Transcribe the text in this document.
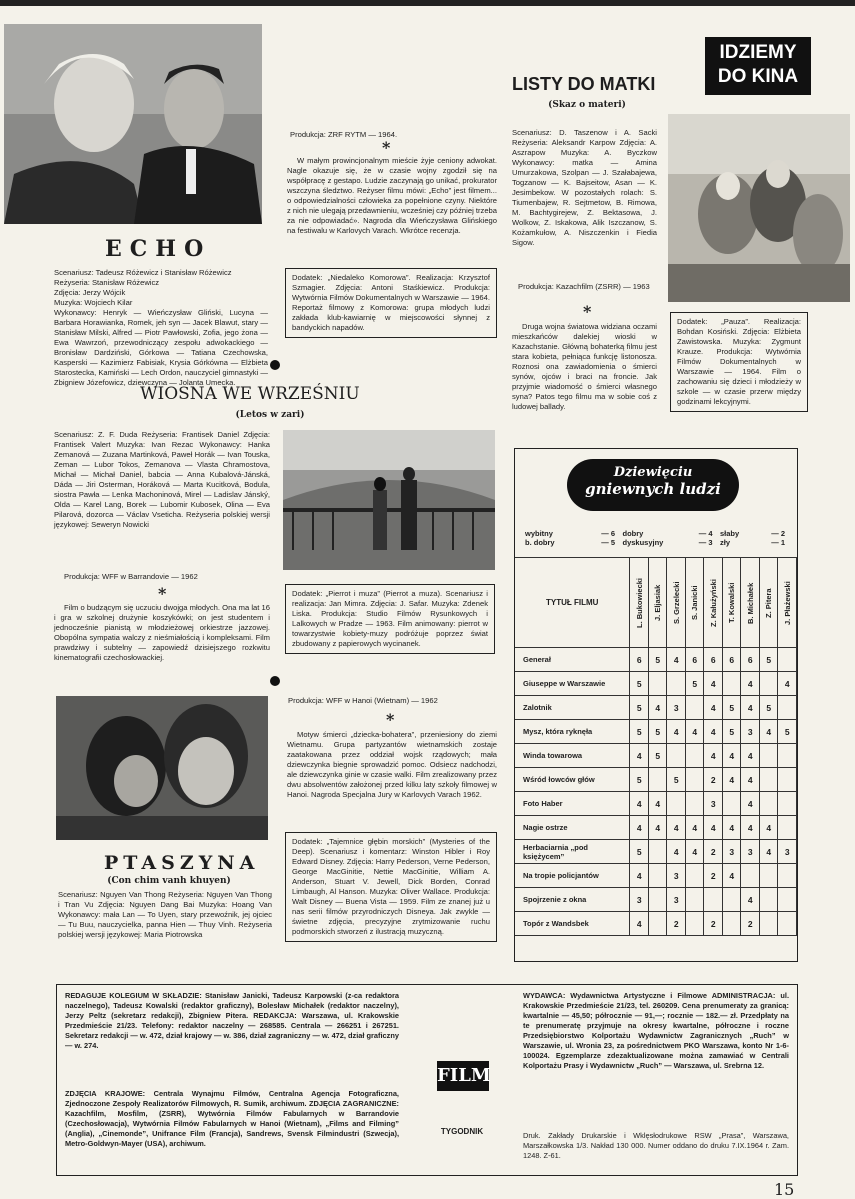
ECHO

Scenariusz: Tadeusz Różewicz i Stanisław Różewicz

Reżyseria: Stanisław Różewicz

Zdjęcia: Jerzy Wójcik

Muzyka: Wojciech Kilar

Wykonawcy: Henryk — Wieńczysław Gliński, Lucyna — Barbara Horawianka, Romek, jeh syn — Jacek Blawut, stary — Stanisław Milski, Alfred — Piotr Pawłowski, Zofia, jego żona — Ewa Wawrzoń, przewodniczący zespołu adwokackiego — Bronisław Dardziński, Górkowa — Tatiana Czechowska, Kasperski — Kazimierz Fabisiak, Krysia Górkówna — Elżbieta Starostecka, Kamiński — Lech Ordon, nauczyciel gimnastyki — Zbigniew Józefowicz, dziewczyna — Jolanta Umecka.

Produkcja: ZRF RYTM — 1964.
*
W małym prowincjonalnym mieście żyje ceniony adwokat. Nagle okazuje się, że w czasie wojny zgodził się na współpracę z gestapo. Ludzie zaczynają go unikać, prokurator wszczyna śledztwo. Reżyser filmu mówi: „Echo” jest filmem... o odpowiedzialności człowieka za popełnione czyny. Niektóre z nich nie ulegają przedawnieniu, wcześniej czy później trzeba za nie odpowiadać». Nagroda dla Wieńczysława Glińskiego na festiwalu w Karlovych Varach. Wkrótce recenzja.
Dodatek: „Niedaleko Komorowa”. Realizacja: Krzysztof Szmagier. Zdjęcia: Antoni Staśkiewicz. Produkcja: Wytwórnia Filmów Dokumentalnych w Warszawie — 1964. Reportaż filmowy z Komorowa: grupa młodych ludzi zakłada klub-kawiarnię w miejscowości słynnej z bandyckich napadów.
LISTY DO MATKI
(Skaz o materi)
Scenariusz: D. Taszenow i A. Sacki Reżyseria: Aleksandr Karpow Zdjęcia: A. Aszrapow Muzyka: A. Byczkow Wykonawcy: matka — Amina Umurzakowa, Szolpan — J. Szałabajewa, Togzanow — K. Bajseitow, Asan — K. Jesimbekow. W pozostałych rolach: S. Tiumenbajew, R. Sejtmetow, B. Rimowa, M. Bachtygirejew, Z. Bektasowa, J. Wolkow, Z. Iskakowa, Alik Iszczanow, S. Kożamkułow, A. Niszczenkin i Fiedia Sigow.
Produkcja: Kazachfilm (ZSRR) — 1963
*
Druga wojna światowa widziana oczami mieszkańców dalekiej wioski w Kazachstanie. Główną bohaterką filmu jest stara kobieta, pełniąca funkcję listonosza. Roznosi ona zawiadomienia o śmierci synów, ojców i braci na froncie. Jak przyjmie wiadomość o śmierci własnego syna? Patos tego filmu ma w sobie coś z ludowej ballady.
IDZIEMY
DO KINA
Dodatek: „Pauza”. Realizacja: Bohdan Kosiński. Zdjęcia: Elżbieta Zawistowska. Muzyka: Zygmunt Krauze. Produkcja: Wytwórnia Filmów Dokumentalnych w Warszawie — 1964. Film o zachowaniu się dzieci i młodzieży w szkole — w czasie przerw między godzinami lekcyjnymi.
WIOSNA WE WRZEŚNIU
(Letos w zari)
Scenariusz: Z. F. Duda Reżyseria: Frantisek Daniel Zdjęcia: Frantisek Valert Muzyka: Ivan Rezac Wykonawcy: Hanka Zemanová — Zuzana Martinková, Paweł Horák — Ivan Touska, Zeman — Lubor Tokos, Zemanova — Vlasta Chramostova, Michał — Michał Daniel, babcia — Anna Kubalová-Jánská, Dáda — Jiri Osterman, Horáková — Marta Kucitková, Bodula, siostra Pawła — Lenka Machoninová, Mirel — Ladislav Jánský, Olda — Karel Lang, Borek — Lubomir Kubosek, Olina — Eva Pilarová, dozorca — Václav Vseticha. Reżyseria polskiej wersji językowej: Seweryn Nowicki
Produkcja: WFF w Barrandovie — 1962
*
Film o budzącym się uczuciu dwojga młodych. Ona ma lat 16 i gra w szkolnej drużynie koszykówki; on jest studentem i jednocześnie pianistą w młodzieżowej orkiestrze jazzowej. Obopólna sympatia walczy z nieśmiałością i kompleksami. Film prawdziwy i subtelny — zapowiedź dzisiejszego rozkwitu kinematografii czechosłowackiej.
Dodatek: „Pierrot i muza” (Pierrot a muza). Scenariusz i realizacja: Jan Mimra. Zdjęcia: J. Safar. Muzyka: Zdenek Liska. Produkcja: Studio Filmów Rysunkowych i Lalkowych w Pradze — 1963. Film animowany: pierrot w towarzystwie kobiety-muzy podróżuje poprzez świat zbudowany z papierowych wycinanek.
PTASZYNA
(Con chim vanh khuyen)
Scenariusz: Nguyen Van Thong Reżyseria: Nguyen Van Thong i Tran Vu Zdjęcia: Nguyen Dang Bai Muzyka: Hoang Van Wykonawcy: mała Lan — To Uyen, stary przewoźnik, jej ojciec — Tu Buu, nauczycielka, panna Hien — Thuy Vinh. Reżyseria polskiej wersji językowej: Maria Piotrowska
Produkcja: WFF w Hanoi (Wietnam) — 1962
*
Motyw śmierci „dziecka-bohatera”, przeniesiony do ziemi Wietnamu. Grupa partyzantów wietnamskich zostaje zaatakowana przez oddział wojsk rządowych; mała dziewczynka biegnie sprowadzić pomoc. Odsiecz nadchodzi, ale dziewczynka ginie w czasie walki. Film zrealizowany przez dwu absolwentów założonej przed kilku laty szkoły filmowej w Hanoi. Nagroda Specjalna Jury w Karlovych Varach 1962.
Dodatek: „Tajemnice głębin morskich” (Mysteries of the Deep). Scenariusz i komentarz: Winston Hibler i Roy Edward Disney. Zdjęcia: Harry Pederson, Verne Pederson, George MacGinitie, Nettie MacGinitie, William A. Anderson, Stuart V. Jewell, Dick Borden, Conrad Limbaugh, Al Hanson. Muzyka: Oliver Wallace. Produkcja: Walt Disney — Buena Vista — 1959. Film ze znanej już u nas serii filmów przyrodniczych Disneya. Jak zwykle — świetne zdjęcia, precyzyjne zrytmizowanie ruchu podmorskich stworzeń z ilustracją muzyczną.
Dziewięciu
gniewnych ludzi
wybitny	— 6 dobry	— 4 słaby	— 2
b. dobry	— 5 dyskusyjny	— 3 zły	— 1
TYTUŁ FILMU	L. Bukowiecki	J. Eljasiak	S. Grzelecki	S. Janicki	Z. Kałużyński	T. Kowalski	B. Michałek	Z. Pitera	J. Płażewski

Generał	6	5	4	6	6	6	6	5	
Giuseppe w Warszawie	5			5	4		4		4
Zalotnik	5	4	3		4	5	4	5	
Mysz, która ryknęła	5	5	4	4	4	5	3	4	5
Winda towarowa	4	5			4	4	4		
Wśród łowców głów	5		5		2	4	4		
Foto Haber	4	4			3		4		
Nagie ostrze	4	4	4	4	4	4	4	4	
Herbaciarnia „pod księżycem”	5		4	4	2	3	3	4	3
Na tropie policjantów	4		3		2	4			
Spojrzenie z okna	3		3				4		
Topór z Wandsbek	4		2		2		2		
REDAGUJE KOLEGIUM W SKŁADZIE: Stanisław Janicki, Tadeusz Karpowski (z-ca redaktora naczelnego), Tadeusz Kowalski (redaktor graficzny), Bolesław Michałek (redaktor naczelny), Jerzy Peltz (sekretarz redakcji), Zbigniew Pitera. REDAKCJA: Warszawa, ul. Krakowskie Przedmieście 21/23. Telefony: redaktor naczelny — 268585. Centrala — 266251 i 267251. Sekretarz redakcji — w. 472, dział krajowy — w. 386, dział zagraniczny — w. 472, dział graficzny — w. 274.
ZDJĘCIA KRAJOWE: Centrala Wynajmu Filmów, Centralna Agencja Fotograficzna, Zjednoczone Zespoły Realizatorów Filmowych, R. Sumik, archiwum. ZDJĘCIA ZAGRANICZNE: Kazachfilm, Mosfilm, (ZSRR), Wytwórnia Filmów Fabularnych w Barrandovie (Czechosłowacja), Wytwórnia Filmów Fabularnych w Hanoi (Wietnam), „Films and Filming” (Anglia), „Cinemonde”, Unifrance Film (Francja), Sandrews, Svensk Filmindustri (Szwecja), Metro-Goldwyn-Mayer (USA), archiwum.
FILM
TYGODNIK
WYDAWCA: Wydawnictwa Artystyczne i Filmowe ADMINISTRACJA: ul. Krakowskie Przedmieście 21/23, tel. 260209. Cena prenumeraty za granicą: kwartalnie — 45,50; półrocznie — 91,—; rocznie — 182.— zł. Przedpłaty na te prenumeratę przyjmuje na okresy kwartalne, półroczne i roczne Przedsiębiorstwo Kolportażu Wydawnictw Zagranicznych „Ruch” w Warszawie, ul. Wronia 23, za pośrednictwem PKO Warszawa, konto Nr 1-6-100024. Egzemplarze zdezaktualizowane można zamawiać w Centrali Kolportażu Prasy i Wydawnictw „Ruch” — Warszawa, ul. Srebrna 12.
Druk. Zakłady Drukarskie i Wklęsłodrukowe RSW „Prasa”, Warszawa, Marszałkowska 1/3. Nakład 130 000. Numer oddano do druku 7.IX.1964 r. Zam. 1248. Z-61.
15
